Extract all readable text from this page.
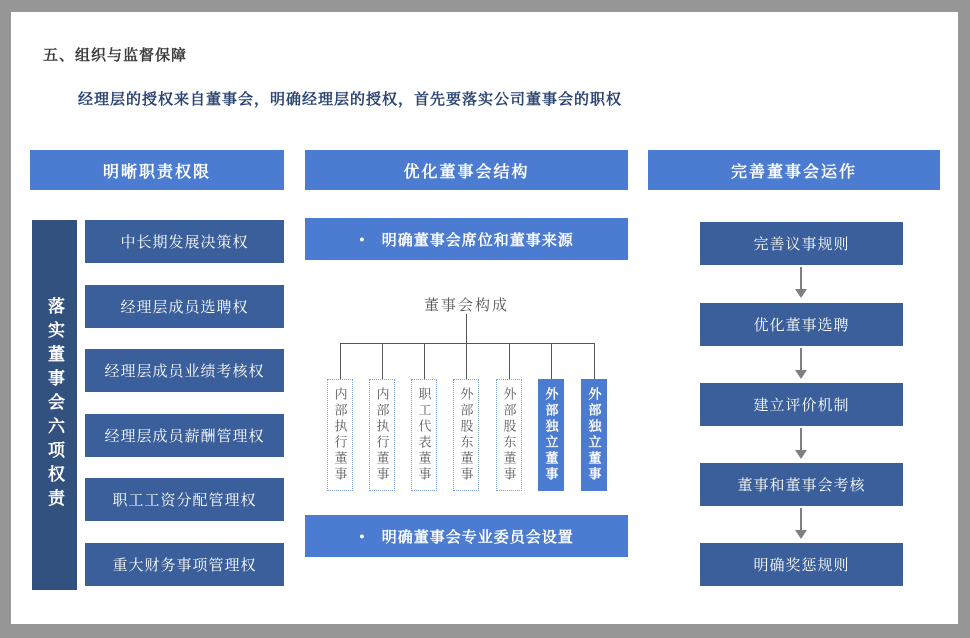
五、组织与监督保障
经理层的授权来自董事会，明确经理层的授权，首先要落实公司董事会的职权
明晰职责权限	优化董事会结构	完善董事会运作
落实董事会六项权责
中长期发展决策权
经理层成员选聘权
经理层成员业绩考核权
经理层成员薪酬管理权
职工工资分配管理权
重大财务事项管理权
● 明确董事会席位和董事来源
董事会构成
内部执行董事	内部执行董事	职工代表董事	外部股东董事	外部股东董事	外部独立董事	外部独立董事
● 明确董事会专业委员会设置
完善议事规则
优化董事选聘
建立评价机制
董事和董事会考核
明确奖惩规则
